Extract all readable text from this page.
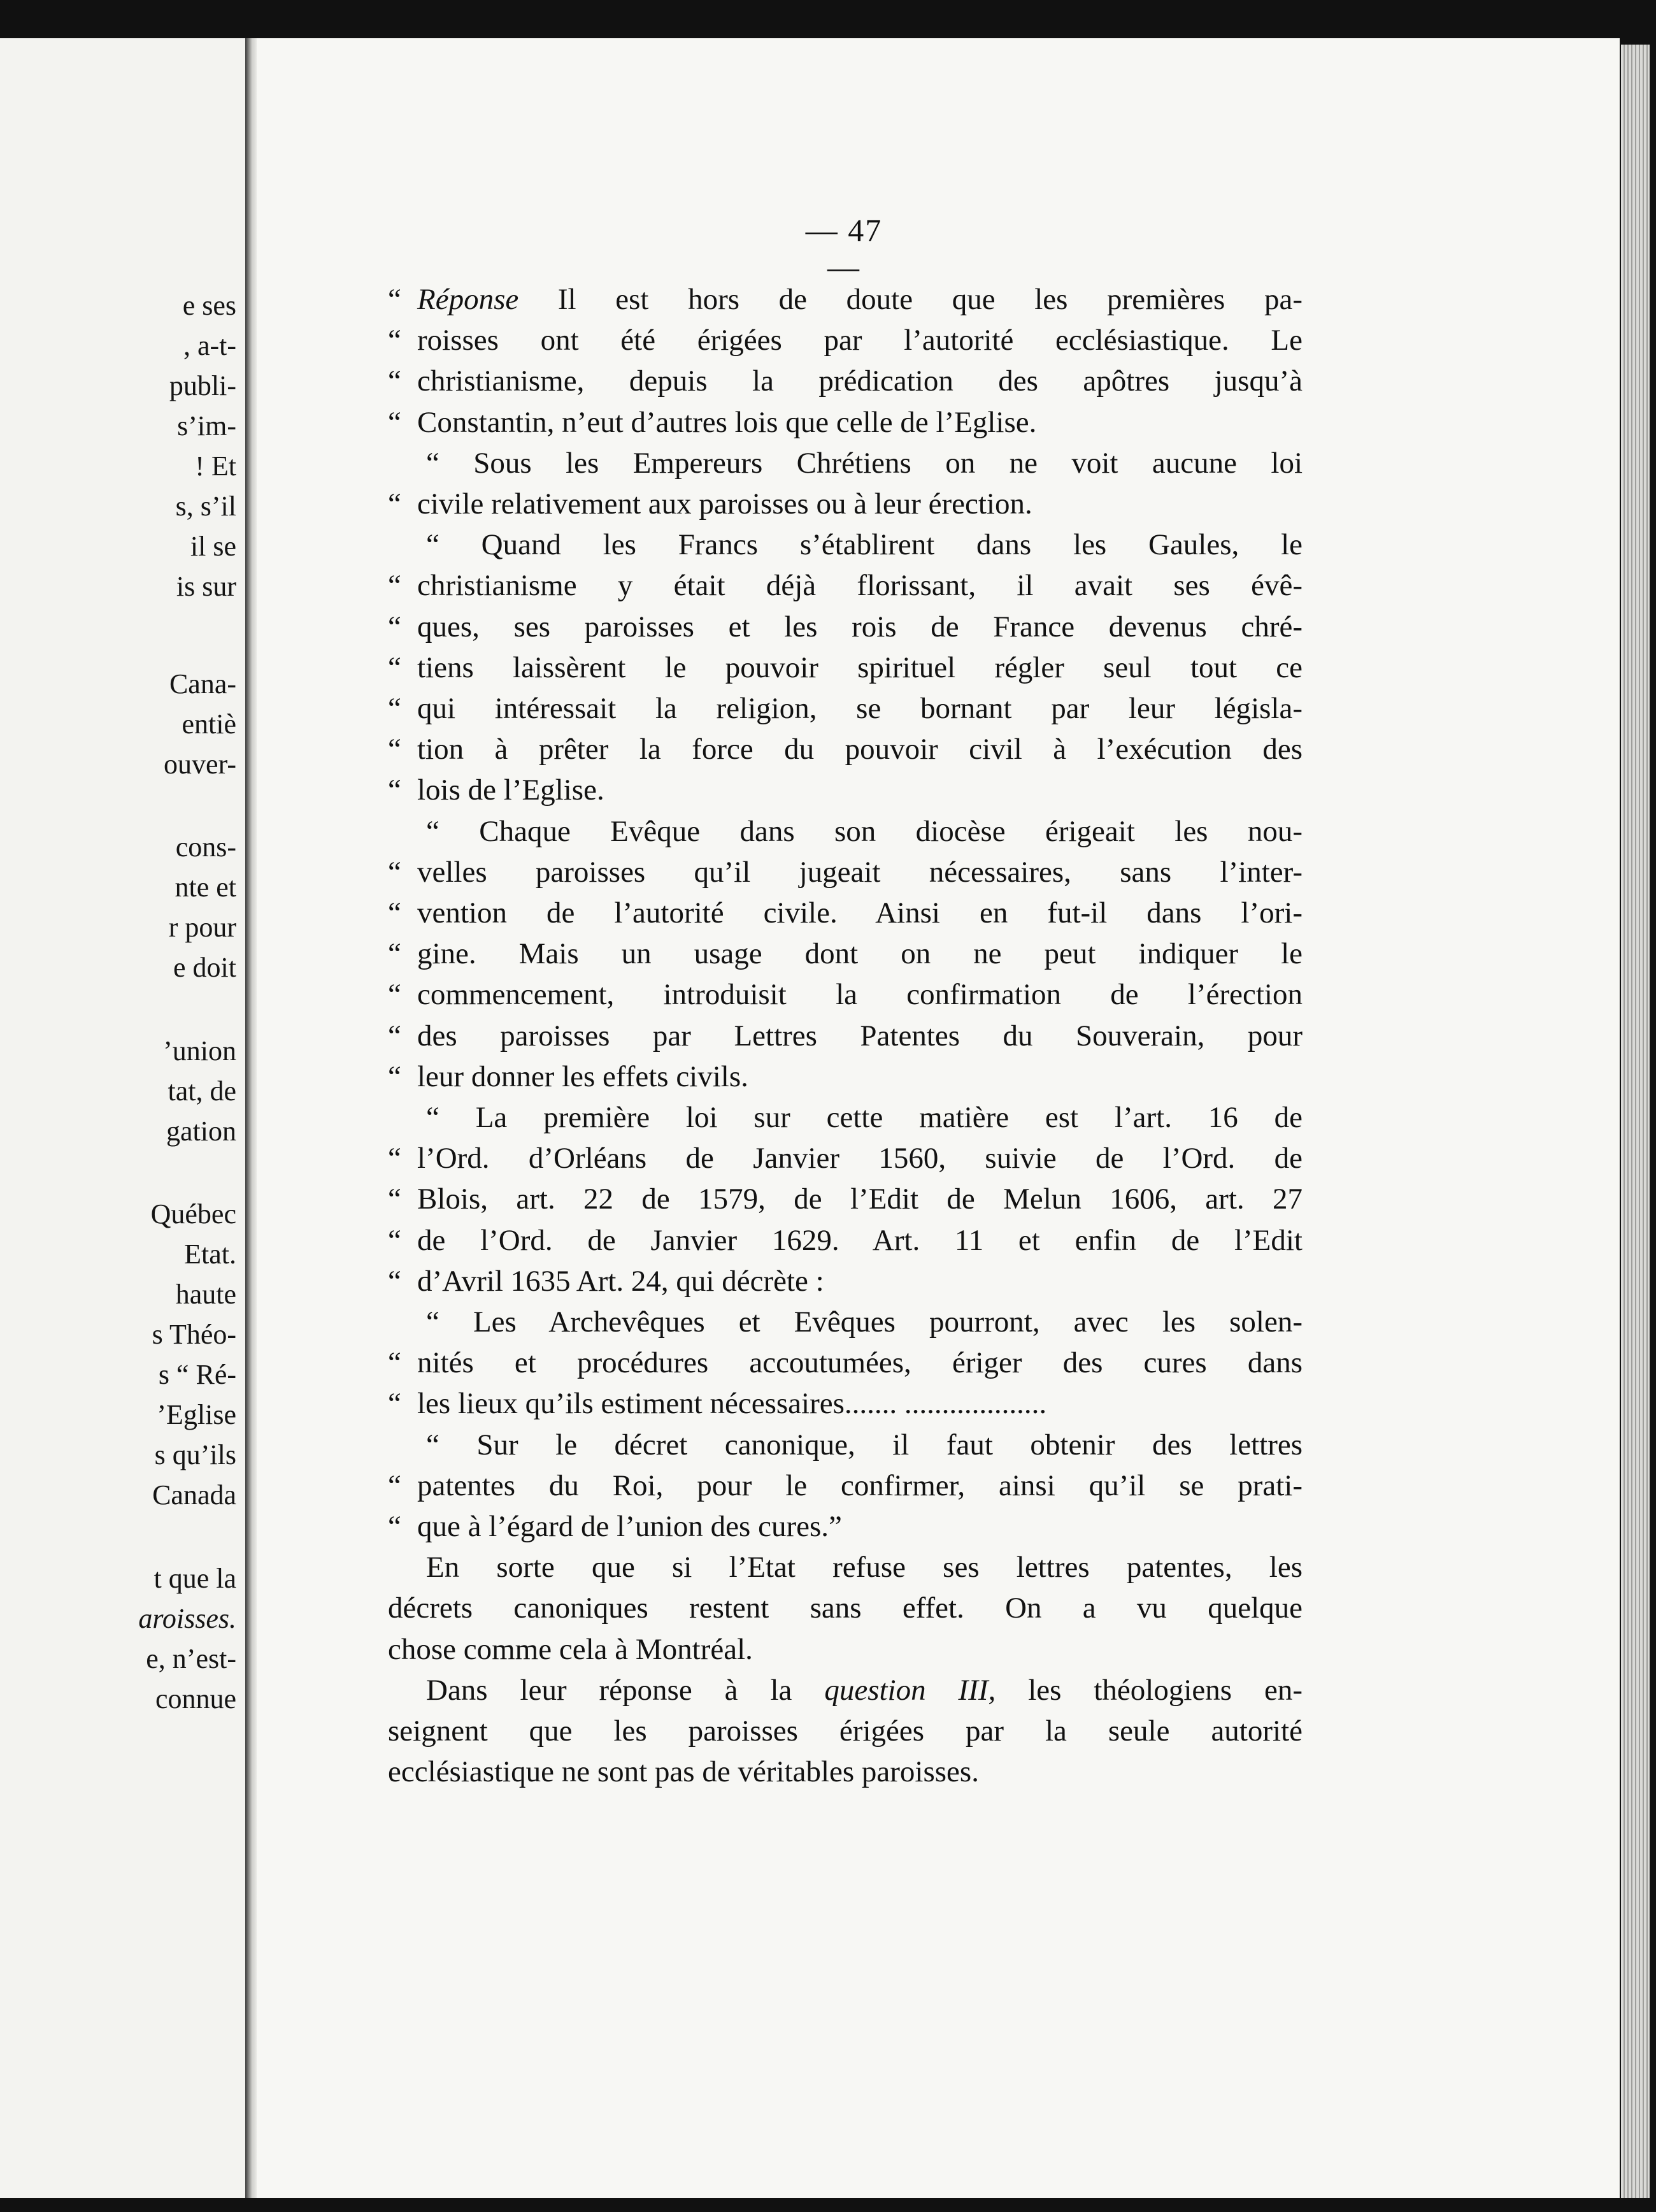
e ses
, a-t-
publi-
s’im-
! Et
s, s’il
il se
is sur
Cana-
entiè
ouver-
cons-
nte et
r pour
e doit
’union
tat, de
gation
Québec
Etat.
haute
s Théo-
s “ Ré-
’Eglise
s qu’ils
Canada
t que la
aroisses.
e, n’est-
connue
— 47 —
“ Réponse Il est hors de doute que les premières pa-
“ roisses ont été érigées par l’autorité ecclésiastique. Le
“ christianisme, depuis la prédication des apôtres jusqu’à
“ Constantin, n’eut d’autres lois que celle de l’Eglise.
“ Sous les Empereurs Chrétiens on ne voit aucune loi
“ civile relativement aux paroisses ou à leur érection.
“ Quand les Francs s’établirent dans les Gaules, le
“ christianisme y était déjà florissant, il avait ses évê-
“ ques, ses paroisses et les rois de France devenus chré-
“ tiens laissèrent le pouvoir spirituel régler seul tout ce
“ qui intéressait la religion, se bornant par leur législa-
“ tion à prêter la force du pouvoir civil à l’exécution des
“ lois de l’Eglise.
“ Chaque Evêque dans son diocèse érigeait les nou-
“ velles paroisses qu’il jugeait nécessaires, sans l’inter-
“ vention de l’autorité civile. Ainsi en fut-il dans l’ori-
“ gine. Mais un usage dont on ne peut indiquer le
“ commencement, introduisit la confirmation de l’érection
“ des paroisses par Lettres Patentes du Souverain, pour
“ leur donner les effets civils.
“ La première loi sur cette matière est l’art. 16 de
“ l’Ord. d’Orléans de Janvier 1560, suivie de l’Ord. de
“ Blois, art. 22 de 1579, de l’Edit de Melun 1606, art. 27
“ de l’Ord. de Janvier 1629. Art. 11 et enfin de l’Edit
“ d’Avril 1635 Art. 24, qui décrète :
“ Les Archevêques et Evêques pourront, avec les solen-
“ nités et procédures accoutumées, ériger des cures dans
“ les lieux qu’ils estiment nécessaires....... ...................
“ Sur le décret canonique, il faut obtenir des lettres
“ patentes du Roi, pour le confirmer, ainsi qu’il se prati-
“ que à l’égard de l’union des cures.”
En sorte que si l’Etat refuse ses lettres patentes, les
décrets canoniques restent sans effet. On a vu quelque
chose comme cela à Montréal.
Dans leur réponse à la question III, les théologiens en-
seignent que les paroisses érigées par la seule autorité
ecclésiastique ne sont pas de véritables paroisses.
